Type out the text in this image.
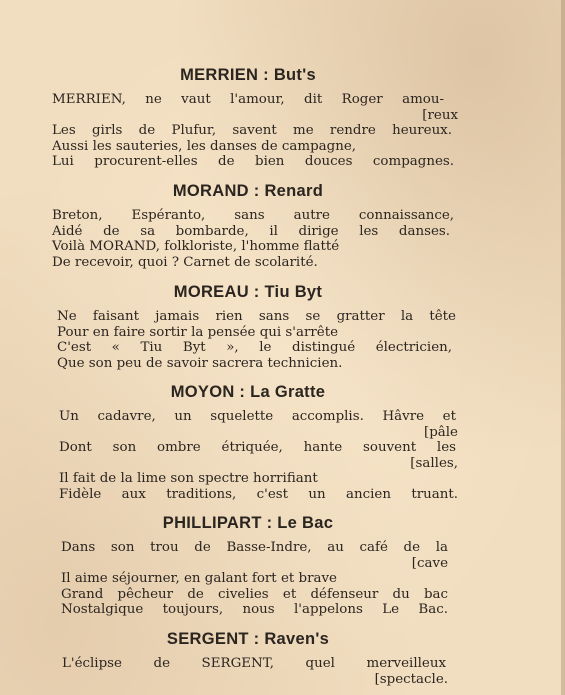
MERRIEN : But's
MERRIEN, ne vaut l'amour, dit Roger amou-
[reux
Les girls de Plufur, savent me rendre heureux.
Aussi les sauteries, les danses de campagne,
Lui procurent-elles de bien douces compagnes.
MORAND : Renard
Breton, Espéranto, sans autre connaissance,
Aidé de sa bombarde, il dirige les danses.
Voilà MORAND, folkloriste, l'homme flatté
De recevoir, quoi ? Carnet de scolarité.
MOREAU : Tiu Byt
Ne faisant jamais rien sans se gratter la tête
Pour en faire sortir la pensée qui s'arrête
C'est « Tiu Byt », le distingué électricien,
Que son peu de savoir sacrera technicien.
MOYON : La Gratte
Un cadavre, un squelette accomplis. Hâvre et
[pâle
Dont son ombre étriquée, hante souvent les
[salles,
Il fait de la lime son spectre horrifiant
Fidèle aux traditions, c'est un ancien truant.
PHILLIPART : Le Bac
Dans son trou de Basse-Indre, au café de la
[cave
Il aime séjourner, en galant fort et brave
Grand pêcheur de civelies et défenseur du bac
Nostalgique toujours, nous l'appelons Le Bac.
SERGENT : Raven's
L'éclipse de SERGENT, quel merveilleux
[spectacle.
